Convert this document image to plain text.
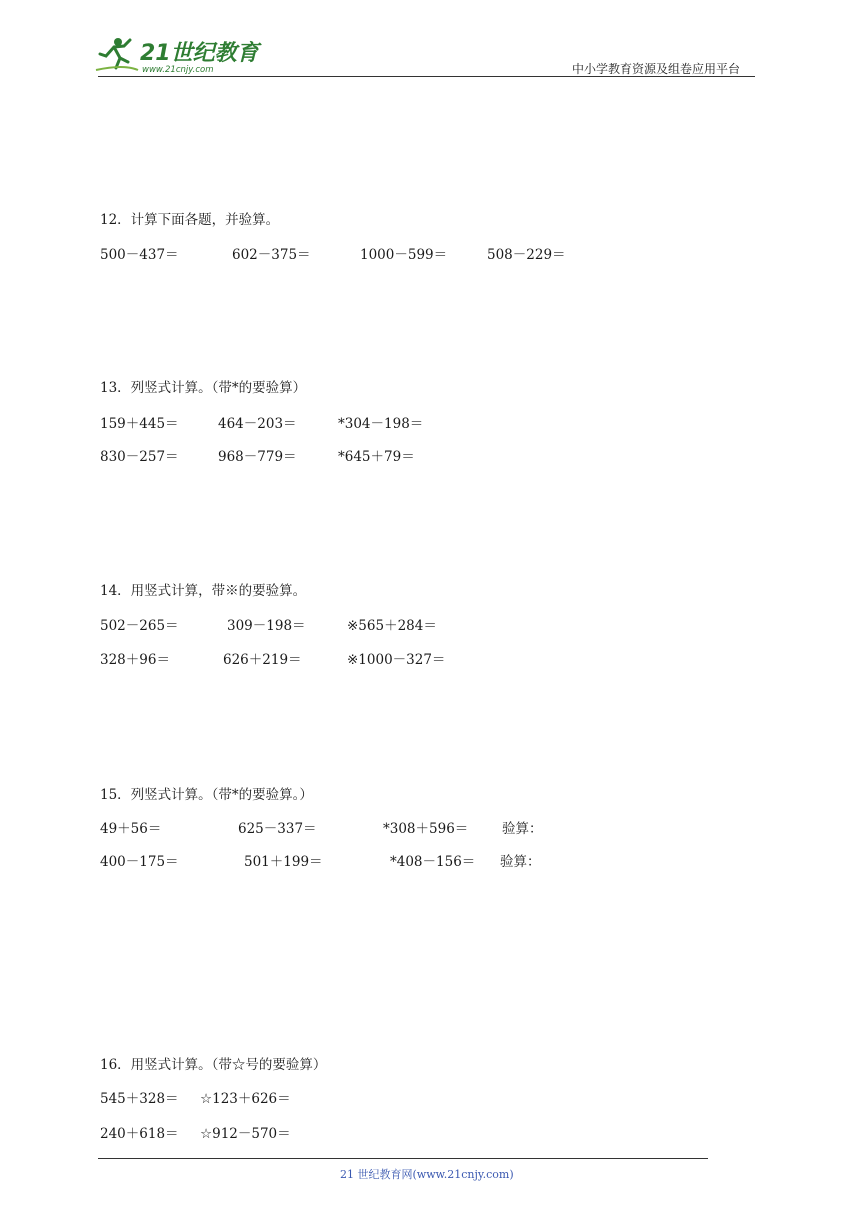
21世纪教育
www.21cnjy.com	中小学教育资源及组卷应用平台
12．计算下面各题，并验算。
500－437＝	602－375＝	1000－599＝	508－229＝
13．列竖式计算。（带*的要验算）
159＋445＝	464－203＝	*304－198＝
830－257＝	968－779＝	*645＋79＝
14．用竖式计算，带※的要验算。
502－265＝	309－198＝	※565＋284＝
328＋96＝	626＋219＝	※1000－327＝
15．列竖式计算。（带*的要验算。）
49＋56＝	625－337＝	*308＋596＝ 验算：
400－175＝	501＋199＝	*408－156＝ 验算：
16．用竖式计算。（带☆号的要验算）
545＋328＝ ☆123＋626＝
240＋618＝ ☆912－570＝
21 世纪教育网(www.21cnjy.com)
